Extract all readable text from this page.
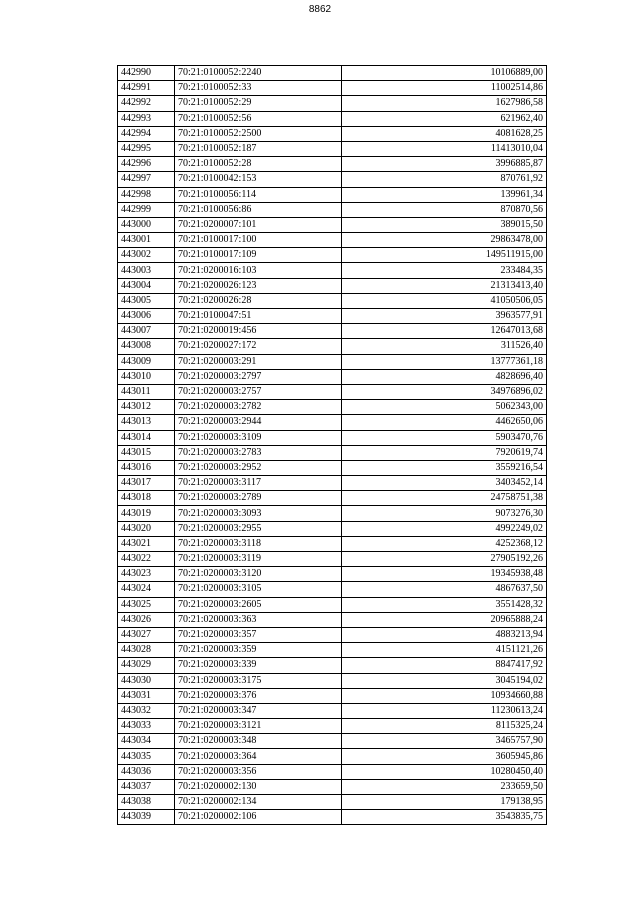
8862
442990	70:21:0100052:2240	10106889,00
442991	70:21:0100052:33	11002514,86
442992	70:21:0100052:29	1627986,58
442993	70:21:0100052:56	621962,40
442994	70:21:0100052:2500	4081628,25
442995	70:21:0100052:187	11413010,04
442996	70:21:0100052:28	3996885,87
442997	70:21:0100042:153	870761,92
442998	70:21:0100056:114	139961,34
442999	70:21:0100056:86	870870,56
443000	70:21:0200007:101	389015,50
443001	70:21:0100017:100	29863478,00
443002	70:21:0100017:109	149511915,00
443003	70:21:0200016:103	233484,35
443004	70:21:0200026:123	21313413,40
443005	70:21:0200026:28	41050506,05
443006	70:21:0100047:51	3963577,91
443007	70:21:0200019:456	12647013,68
443008	70:21:0200027:172	311526,40
443009	70:21:0200003:291	13777361,18
443010	70:21:0200003:2797	4828696,40
443011	70:21:0200003:2757	34976896,02
443012	70:21:0200003:2782	5062343,00
443013	70:21:0200003:2944	4462650,06
443014	70:21:0200003:3109	5903470,76
443015	70:21:0200003:2783	7920619,74
443016	70:21:0200003:2952	3559216,54
443017	70:21:0200003:3117	3403452,14
443018	70:21:0200003:2789	24758751,38
443019	70:21:0200003:3093	9073276,30
443020	70:21:0200003:2955	4992249,02
443021	70:21:0200003:3118	4252368,12
443022	70:21:0200003:3119	27905192,26
443023	70:21:0200003:3120	19345938,48
443024	70:21:0200003:3105	4867637,50
443025	70:21:0200003:2605	3551428,32
443026	70:21:0200003:363	20965888,24
443027	70:21:0200003:357	4883213,94
443028	70:21:0200003:359	4151121,26
443029	70:21:0200003:339	8847417,92
443030	70:21:0200003:3175	3045194,02
443031	70:21:0200003:376	10934660,88
443032	70:21:0200003:347	11230613,24
443033	70:21:0200003:3121	8115325,24
443034	70:21:0200003:348	3465757,90
443035	70:21:0200003:364	3605945,86
443036	70:21:0200003:356	10280450,40
443037	70:21:0200002:130	233659,50
443038	70:21:0200002:134	179138,95
443039	70:21:0200002:106	3543835,75
